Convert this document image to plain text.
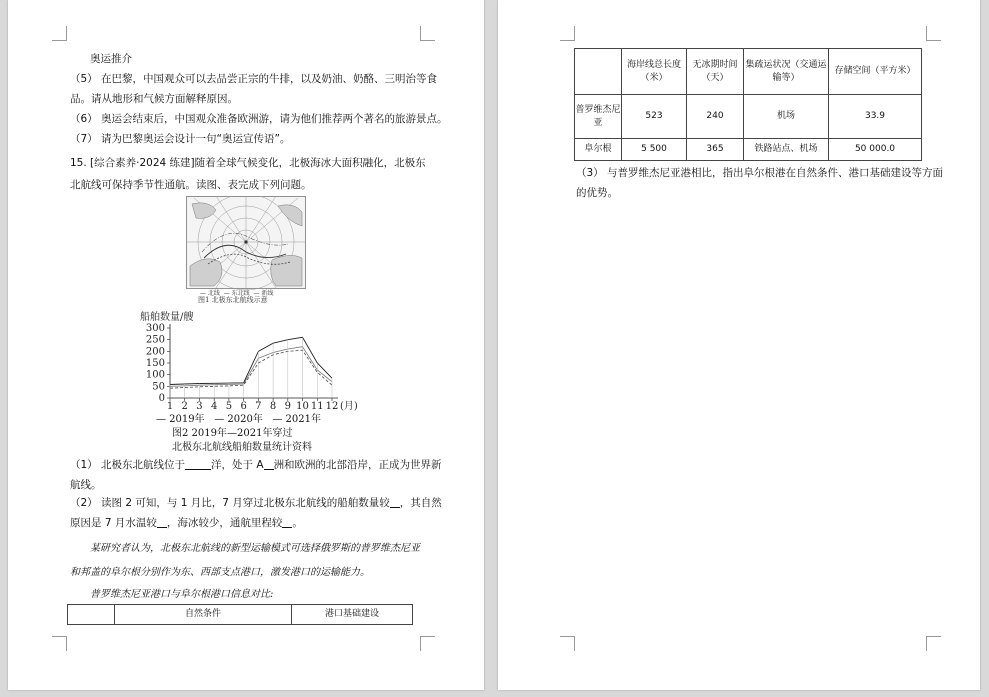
奥运推介
（5） 在巴黎，中国观众可以去品尝正宗的牛排，以及奶油、奶酪、三明治等食
品。请从地形和气候方面解释原因。
（6） 奥运会结束后，中国观众准备欧洲游，请为他们推荐两个著名的旅游景点。
（7） 请为巴黎奥运会设计一句“奥运宣传语”。
15. [综合素养·2024 练建]随着全球气候变化，北极海冰大面积融化，北极东
北航线可保持季节性通航。读图、表完成下列问题。
— 北线 — 东北线 — 新线
图1 北极东北航线示意
船舶数量/艘
(月)
0
50
100
150
200
250
300
1 2 3 4 5 6 7 8 9 10 11 12
— 2019年 — 2020年 — 2021年
图2 2019年—2021年穿过
北极东北航线船舶数量统计资料
（1） 北极东北航线位于 洋，处于 A 洲和欧洲的北部沿岸，正成为世界新
航线。
（2） 读图 2 可知，与 1 月比，7 月穿过北极东北航线的船舶数量较 ，其自然
原因是 7 月水温较 ，海冰较少，通航里程较 。
某研究者认为，北极东北航线的新型运输模式可选择俄罗斯的普罗维杰尼亚
和邦盖的阜尔根分别作为东、西部支点港口，激发港口的运输能力。
普罗维杰尼亚港口与阜尔根港口信息对比:
	自然条件	港口基础建设
	海岸线总长度（米）	无冰期时间（天）	集疏运状况（交通运输等）	存储空间（平方米）
普罗维杰尼亚	523	240	机场	33.9
阜尔根	5 500	365	铁路站点、机场	50 000.0
（3） 与普罗维杰尼亚港相比，指出阜尔根港在自然条件、港口基础建设等方面
的优势。
